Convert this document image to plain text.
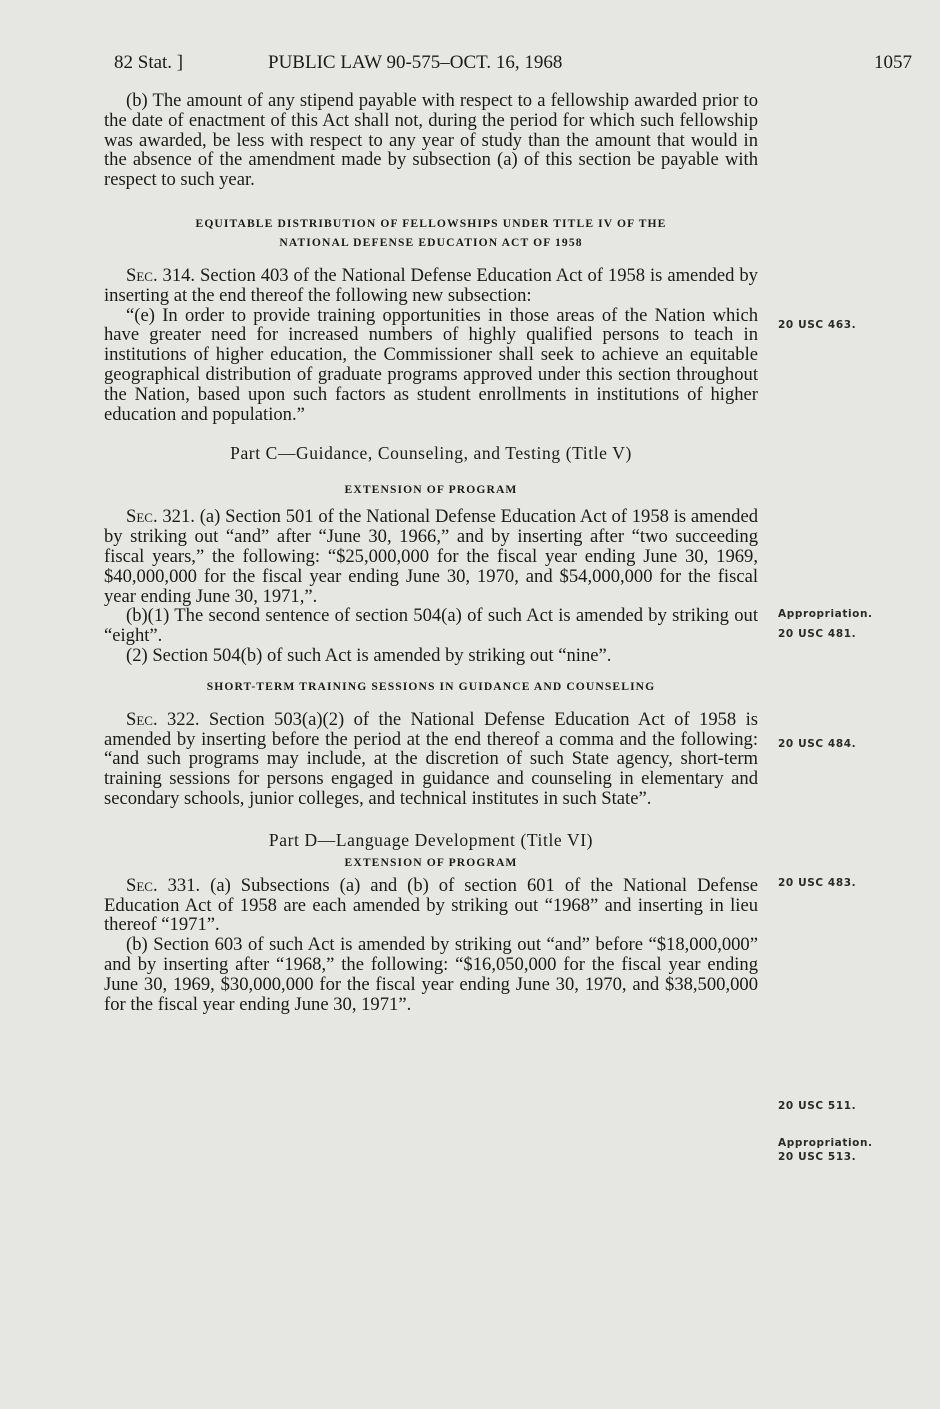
82 Stat. ]	PUBLIC LAW 90-575–OCT. 16, 1968	1057

(b) The amount of any stipend payable with respect to a fellowship awarded prior to the date of enactment of this Act shall not, during the period for which such fellowship was awarded, be less with respect to any year of study than the amount that would in the absence of the amendment made by subsection (a) of this section be payable with respect to such year.

EQUITABLE DISTRIBUTION OF FELLOWSHIPS UNDER TITLE IV OF THE
NATIONAL DEFENSE EDUCATION ACT OF 1958

Sec. 314. Section 403 of the National Defense Education Act of 1958 is amended by inserting at the end thereof the following new subsection:

“(e) In order to provide training opportunities in those areas of the Nation which have greater need for increased numbers of highly qualified persons to teach in institutions of higher education, the Commissioner shall seek to achieve an equitable geographical distribution of graduate programs approved under this section throughout the Nation, based upon such factors as student enrollments in institutions of higher education and population.”

Part C—Guidance, Counseling, and Testing (Title V)

EXTENSION OF PROGRAM

Sec. 321. (a) Section 501 of the National Defense Education Act of 1958 is amended by striking out “and” after “June 30, 1966,” and by inserting after “two succeeding fiscal years,” the following: “$25,000,000 for the fiscal year ending June 30, 1969, $40,000,000 for the fiscal year ending June 30, 1970, and $54,000,000 for the fiscal year ending June 30, 1971,”.

(b)(1) The second sentence of section 504(a) of such Act is amended by striking out “eight”.

(2) Section 504(b) of such Act is amended by striking out “nine”.

SHORT-TERM TRAINING SESSIONS IN GUIDANCE AND COUNSELING

Sec. 322. Section 503(a)(2) of the National Defense Education Act of 1958 is amended by inserting before the period at the end thereof a comma and the following: “and such programs may include, at the discretion of such State agency, short-term training sessions for persons engaged in guidance and counseling in elementary and secondary schools, junior colleges, and technical institutes in such State”.

Part D—Language Development (Title VI)

EXTENSION OF PROGRAM

Sec. 331. (a) Subsections (a) and (b) of section 601 of the National Defense Education Act of 1958 are each amended by striking out “1968” and inserting in lieu thereof “1971”.

(b) Section 603 of such Act is amended by striking out “and” before “$18,000,000” and by inserting after “1968,” the following: “$16,050,000 for the fiscal year ending June 30, 1969, $30,000,000 for the fiscal year ending June 30, 1970, and $38,500,000 for the fiscal year ending June 30, 1971”.

20 USC 463.
Appropriation.
20 USC 481.
20 USC 484.
20 USC 483.
20 USC 511.
Appropriation.
20 USC 513.
